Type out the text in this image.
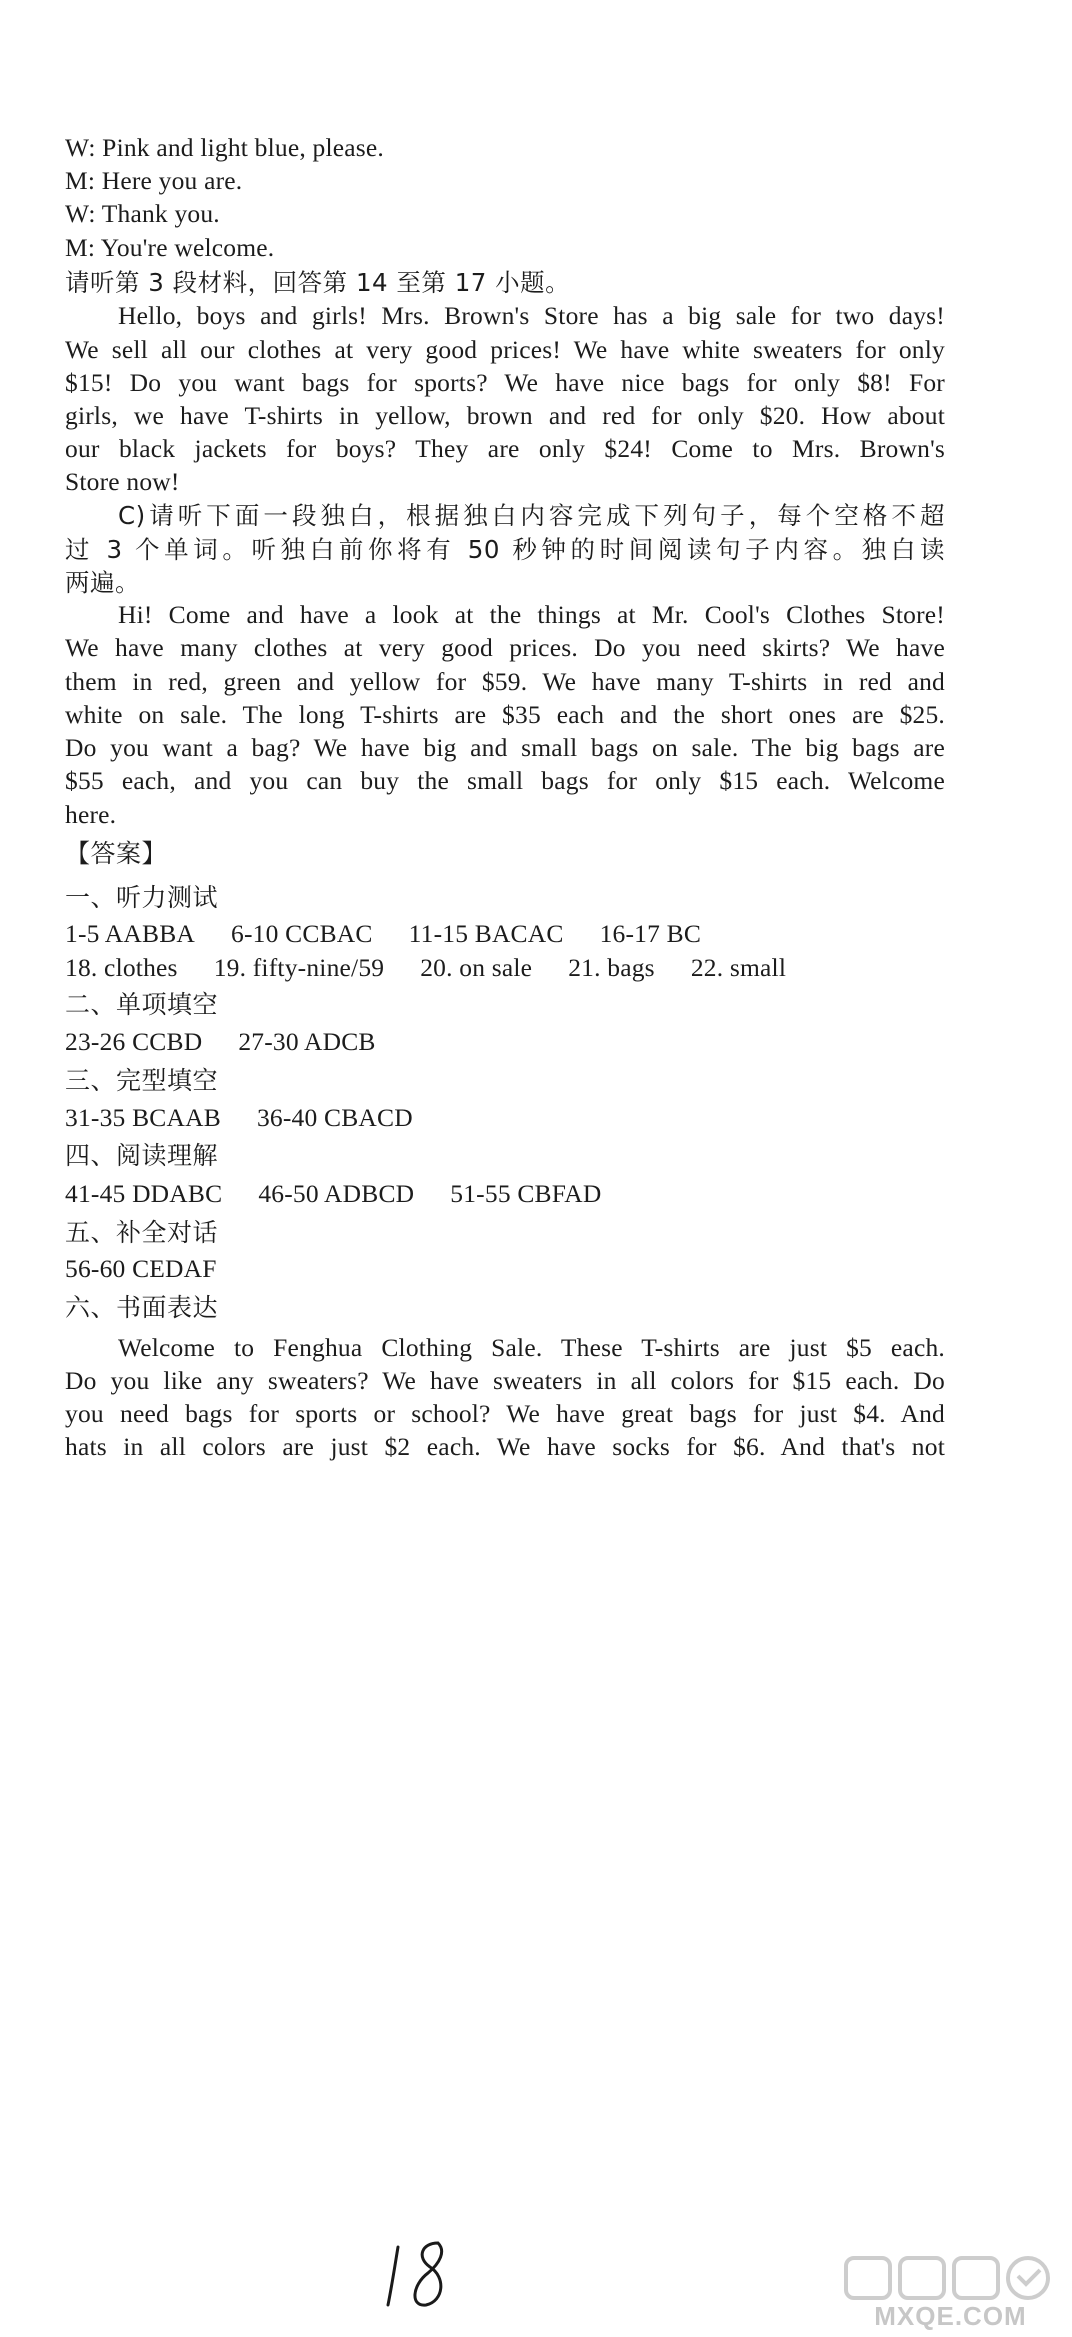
W: Pink and light blue, please.
M: Here you are.
W: Thank you.
M: You're welcome.
请听第 3 段材料，回答第 14 至第 17 小题。
Hello, boys and girls! Mrs. Brown's Store has a big sale for two days!
We sell all our clothes at very good prices! We have white sweaters for only
$15! Do you want bags for sports? We have nice bags for only $8! For
girls, we have T-shirts in yellow, brown and red for only $20. How about
our black jackets for boys? They are only $24! Come to Mrs. Brown's
Store now!
C)请听下面一段独白，根据独白内容完成下列句子，每个空格不超
过 3 个单词。听独白前你将有 50 秒钟的时间阅读句子内容。独白读
两遍。
Hi! Come and have a look at the things at Mr. Cool's Clothes Store!
We have many clothes at very good prices. Do you need skirts? We have
them in red, green and yellow for $59. We have many T-shirts in red and
white on sale. The long T-shirts are $35 each and the short ones are $25.
Do you want a bag? We have big and small bags on sale. The big bags are
$55 each, and you can buy the small bags for only $15 each. Welcome
here.
【答案】
一、听力测试
1-5 AABBA 6-10 CCBAC 11-15 BACAC 16-17 BC
18. clothes 19. fifty-nine/59 20. on sale 21. bags 22. small
二、单项填空
23-26 CCBD 27-30 ADCB
三、完型填空
31-35 BCAAB 36-40 CBACD
四、阅读理解
41-45 DDABC 46-50 ADBCD 51-55 CBFAD
五、补全对话
56-60 CEDAF
六、书面表达
Welcome to Fenghua Clothing Sale. These T-shirts are just $5 each.
Do you like any sweaters? We have sweaters in all colors for $15 each. Do
you need bags for sports or school? We have great bags for just $4. And
hats in all colors are just $2 each. We have socks for $6. And that's not
18
MXQE.COM
